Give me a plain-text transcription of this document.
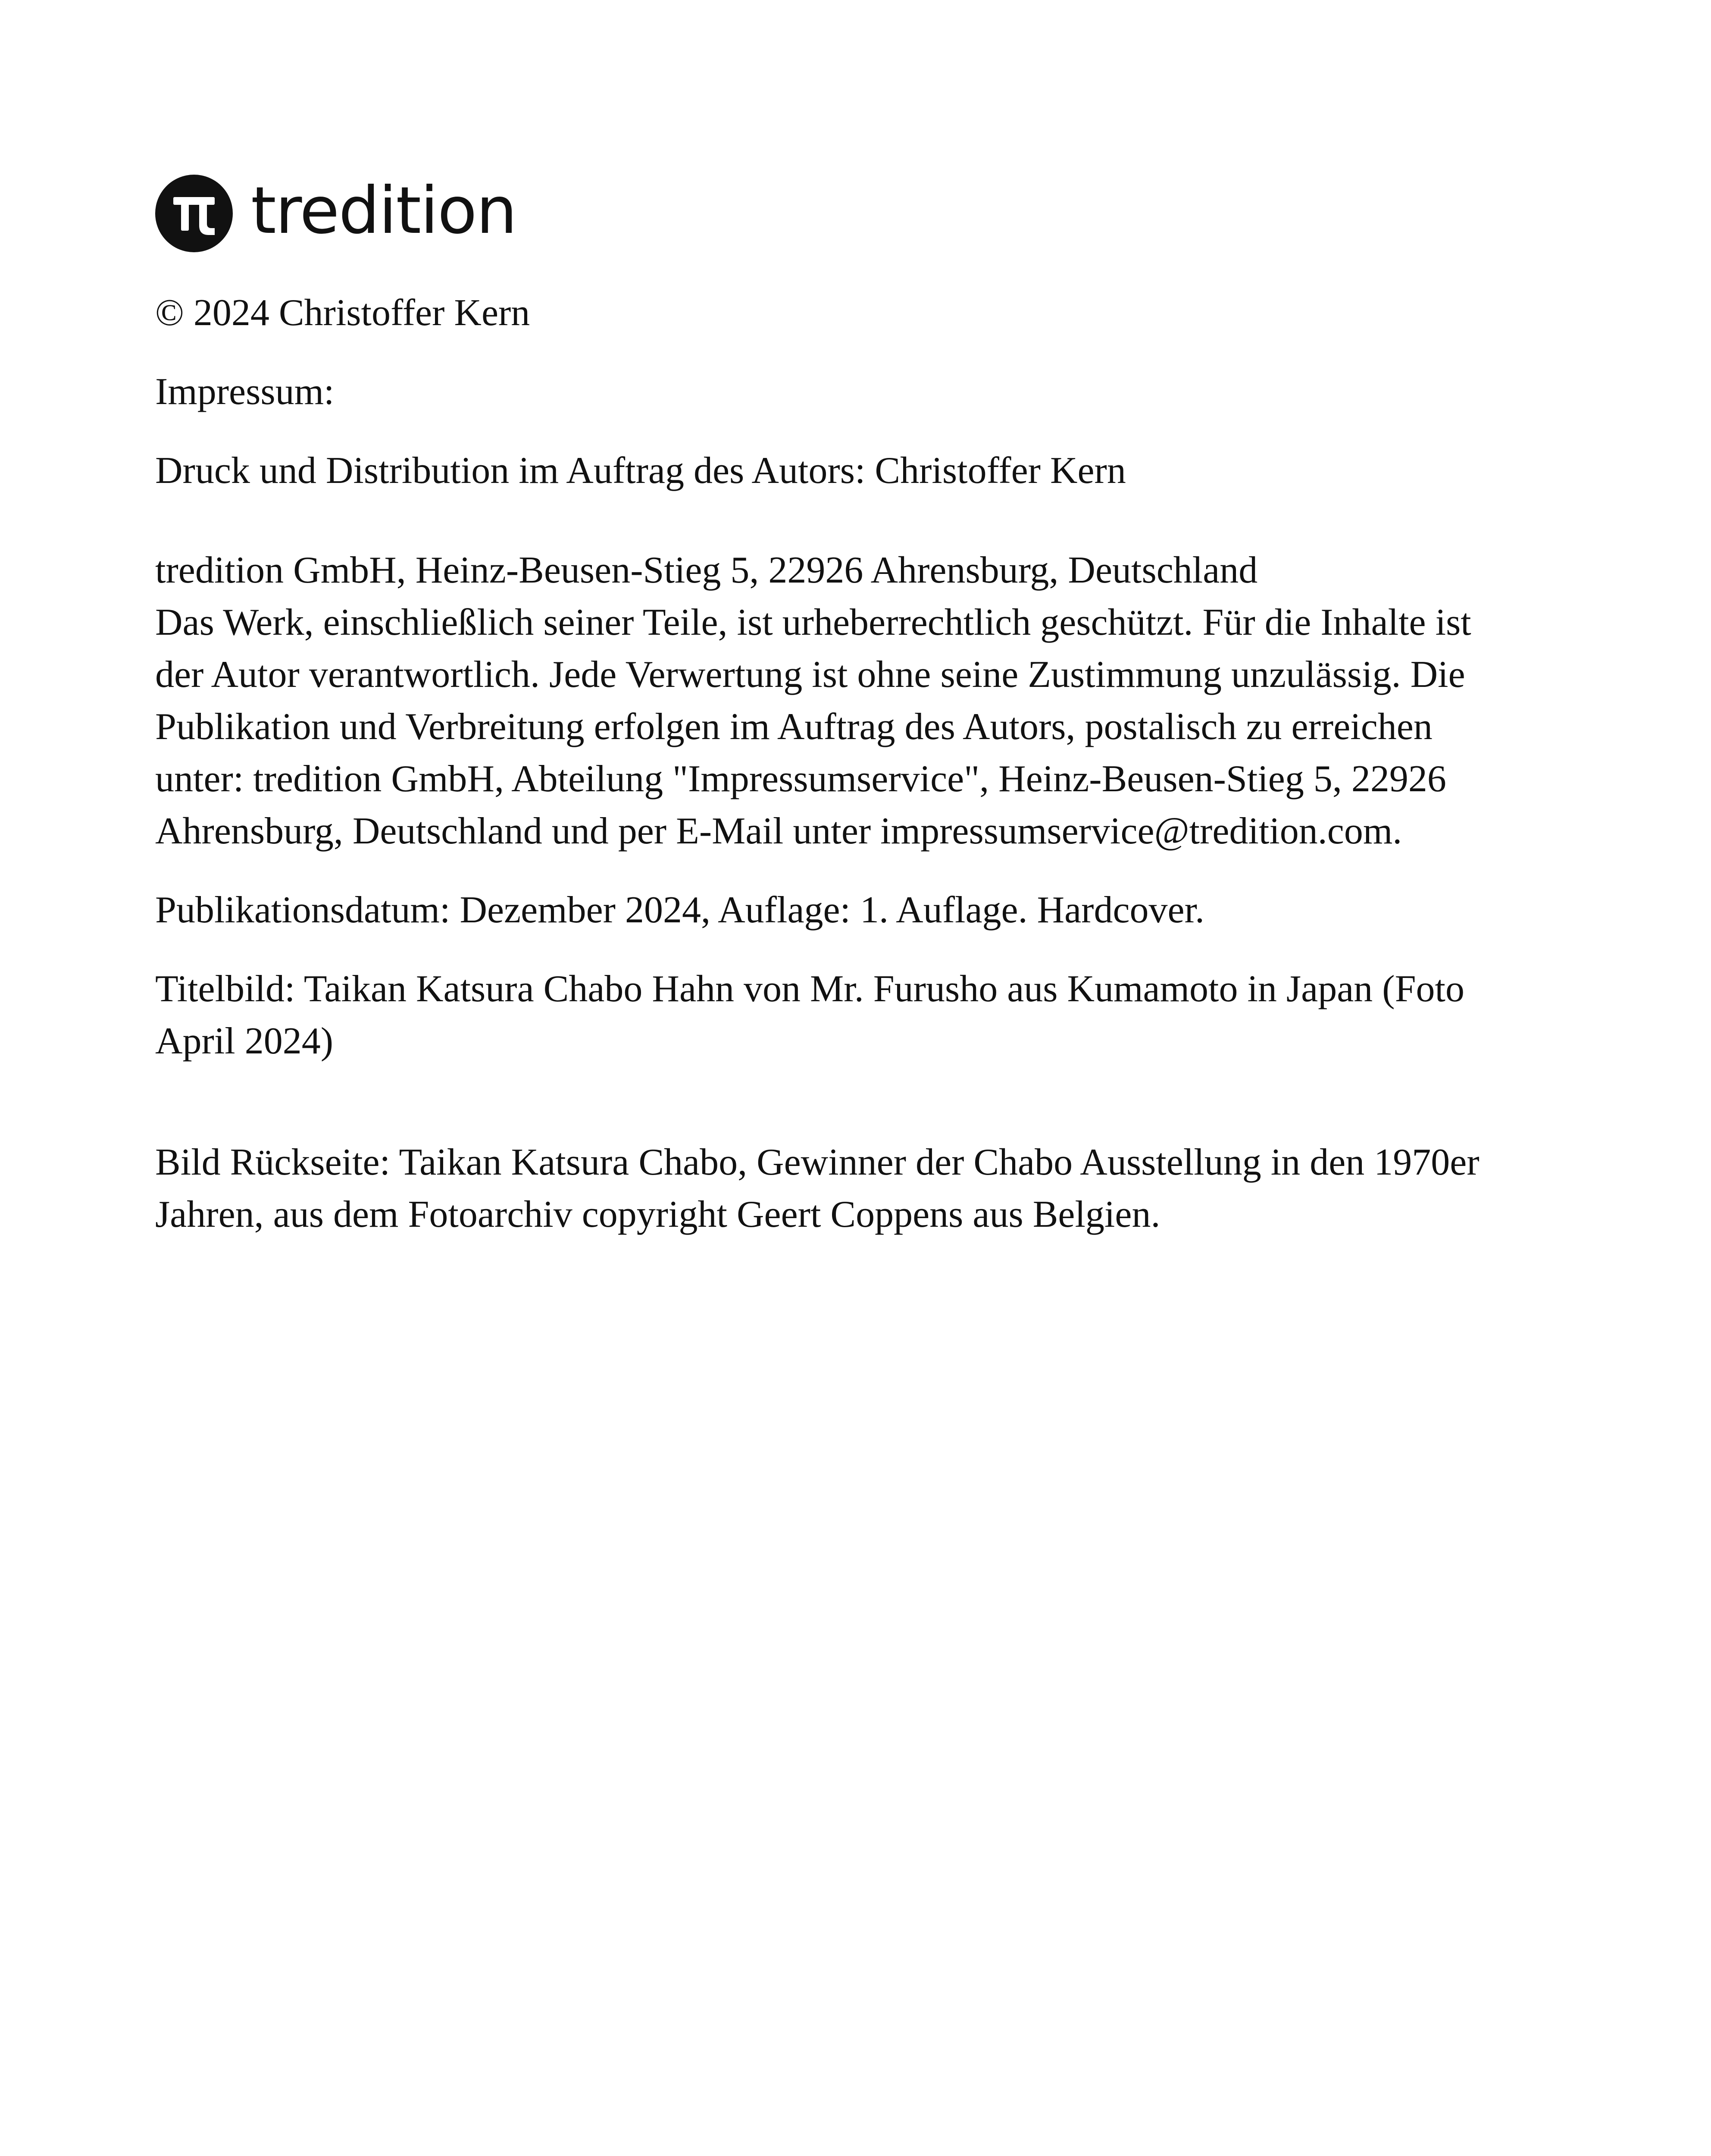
tredition

© 2024 Christoffer Kern

Impressum:

Druck und Distribution im Auftrag des Autors: Christoffer Kern

tredition GmbH, Heinz-Beusen-Stieg 5, 22926 Ahrensburg, Deutschland
Das Werk, einschließlich seiner Teile, ist urheberrechtlich geschützt. Für die Inhalte ist
der Autor verantwortlich. Jede Verwertung ist ohne seine Zustimmung unzulässig. Die
Publikation und Verbreitung erfolgen im Auftrag des Autors, postalisch zu erreichen
unter: tredition GmbH, Abteilung "Impressumservice", Heinz-Beusen-Stieg 5, 22926
Ahrensburg, Deutschland und per E-Mail unter impressumservice@tredition.com.

Publikationsdatum: Dezember 2024, Auflage: 1. Auflage. Hardcover.

Titelbild: Taikan Katsura Chabo Hahn von Mr. Furusho aus Kumamoto in Japan (Foto
April 2024)
Bild Rückseite: Taikan Katsura Chabo, Gewinner der Chabo Ausstellung in den 1970er
Jahren, aus dem Fotoarchiv copyright Geert Coppens aus Belgien.
